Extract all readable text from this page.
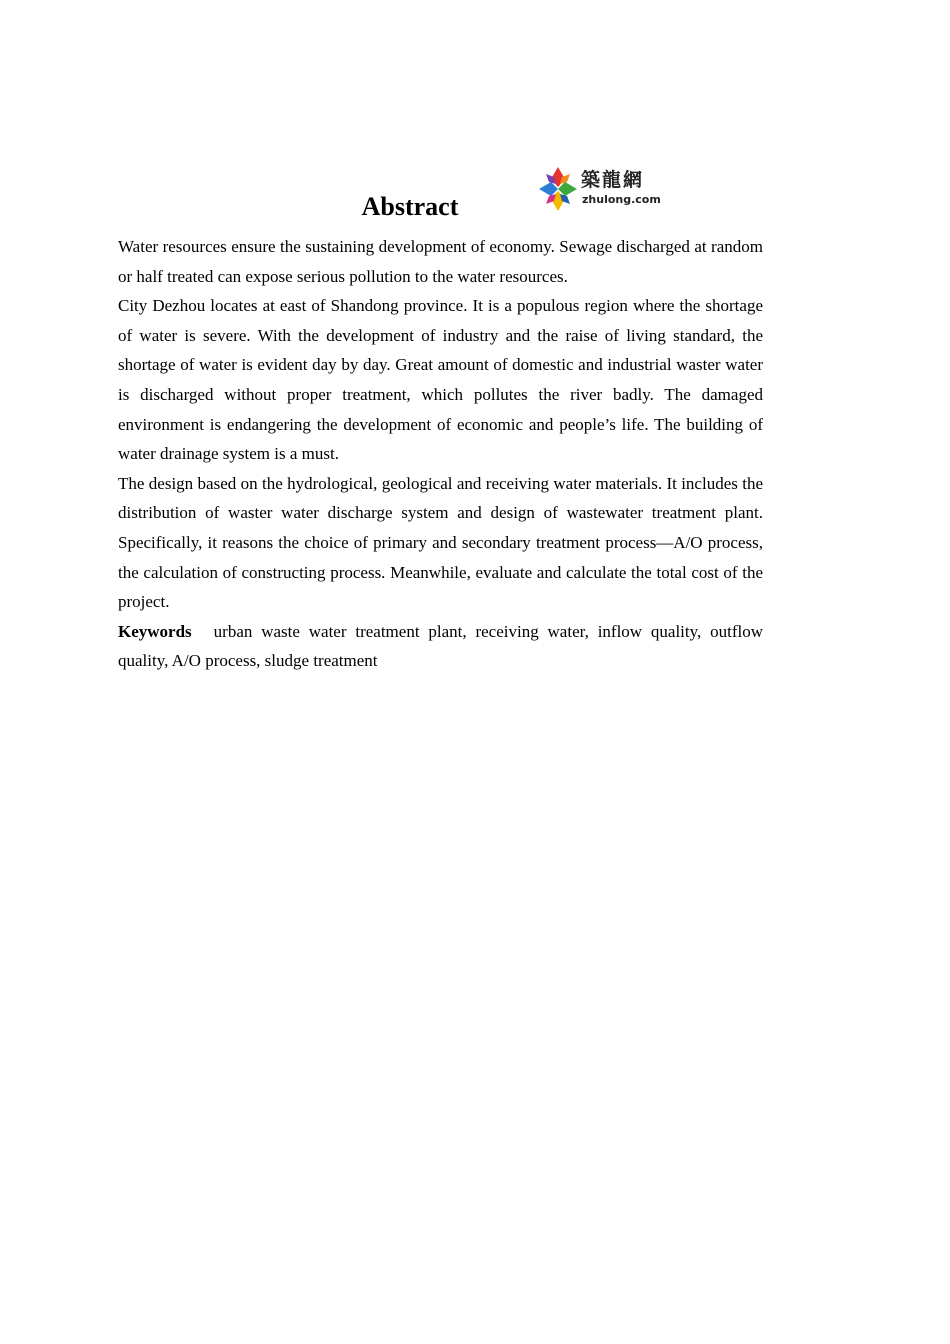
築龍網
zhulong.com
Abstract

Water resources ensure the sustaining development of economy. Sewage discharged at random or half treated can expose serious pollution to the water resources.

City Dezhou locates at east of Shandong province. It is a populous region where the shortage of water is severe. With the development of industry and the raise of living standard, the shortage of water is evident day by day. Great amount of domestic and industrial waster water is discharged without proper treatment, which pollutes the river badly. The damaged environment is endangering the development of economic and people’s life. The building of water drainage system is a must.

The design based on the hydrological, geological and receiving water materials. It includes the distribution of waster water discharge system and design of wastewater treatment plant. Specifically, it reasons the choice of primary and secondary treatment process—A/O process, the calculation of constructing process. Meanwhile, evaluate and calculate the total cost of the project.

Keywords urban waste water treatment plant, receiving water, inflow quality, outflow quality, A/O process, sludge treatment
